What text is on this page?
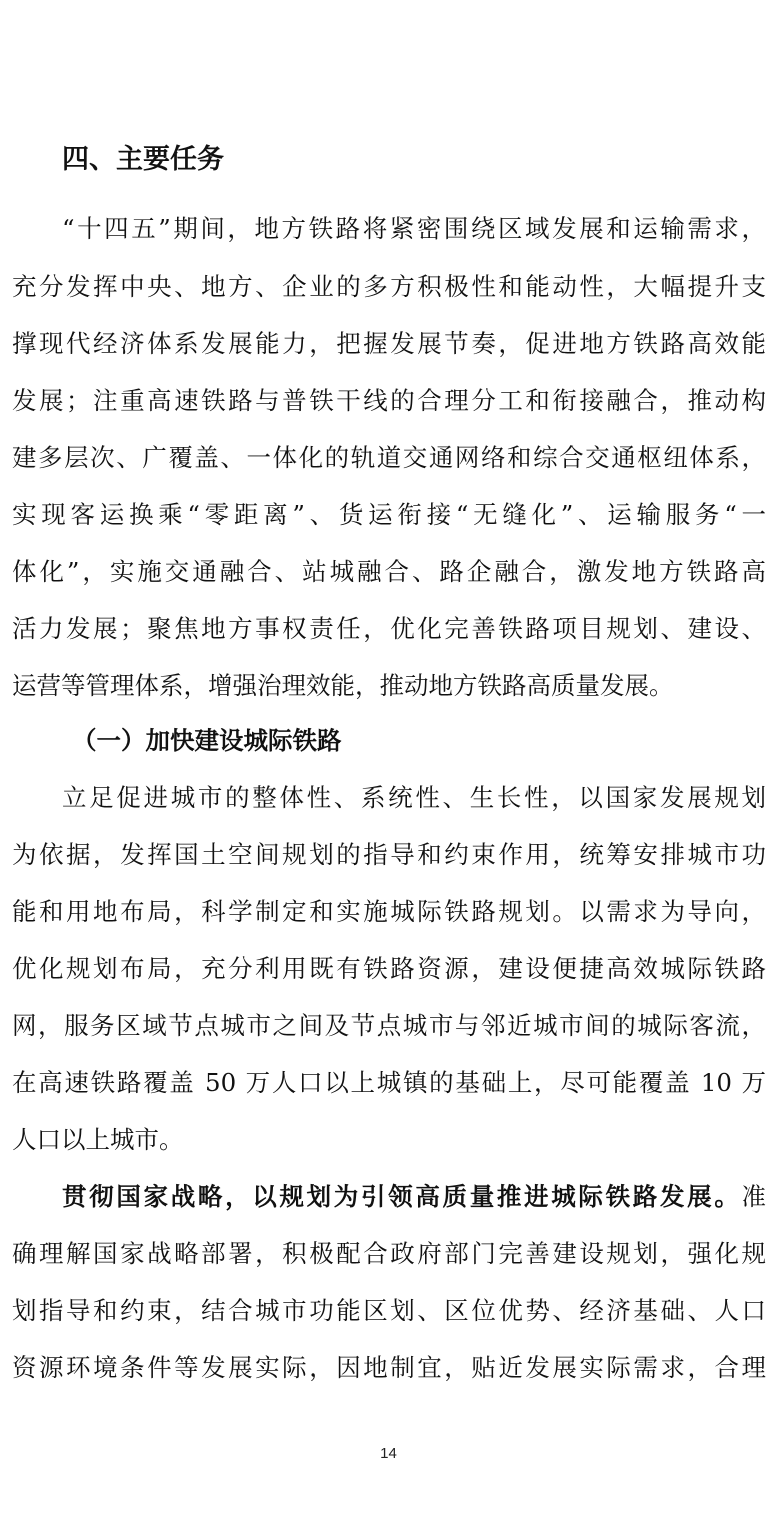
四、主要任务
“十四五”期间，地方铁路将紧密围绕区域发展和运输需求，
充分发挥中央、地方、企业的多方积极性和能动性，大幅提升支
撑现代经济体系发展能力，把握发展节奏，促进地方铁路高效能
发展；注重高速铁路与普铁干线的合理分工和衔接融合，推动构
建多层次、广覆盖、一体化的轨道交通网络和综合交通枢纽体系，
实现客运换乘“零距离”、货运衔接“无缝化”、运输服务“一
体化”，实施交通融合、站城融合、路企融合，激发地方铁路高
活力发展；聚焦地方事权责任，优化完善铁路项目规划、建设、
运营等管理体系，增强治理效能，推动地方铁路高质量发展。
（一）加快建设城际铁路
立足促进城市的整体性、系统性、生长性，以国家发展规划
为依据，发挥国土空间规划的指导和约束作用，统筹安排城市功
能和用地布局，科学制定和实施城际铁路规划。以需求为导向，
优化规划布局，充分利用既有铁路资源，建设便捷高效城际铁路
网，服务区域节点城市之间及节点城市与邻近城市间的城际客流，
在高速铁路覆盖 50 万人口以上城镇的基础上，尽可能覆盖 10 万
人口以上城市。
贯彻国家战略，以规划为引领高质量推进城际铁路发展。准
确理解国家战略部署，积极配合政府部门完善建设规划，强化规
划指导和约束，结合城市功能区划、区位优势、经济基础、人口
资源环境条件等发展实际，因地制宜，贴近发展实际需求，合理
14
